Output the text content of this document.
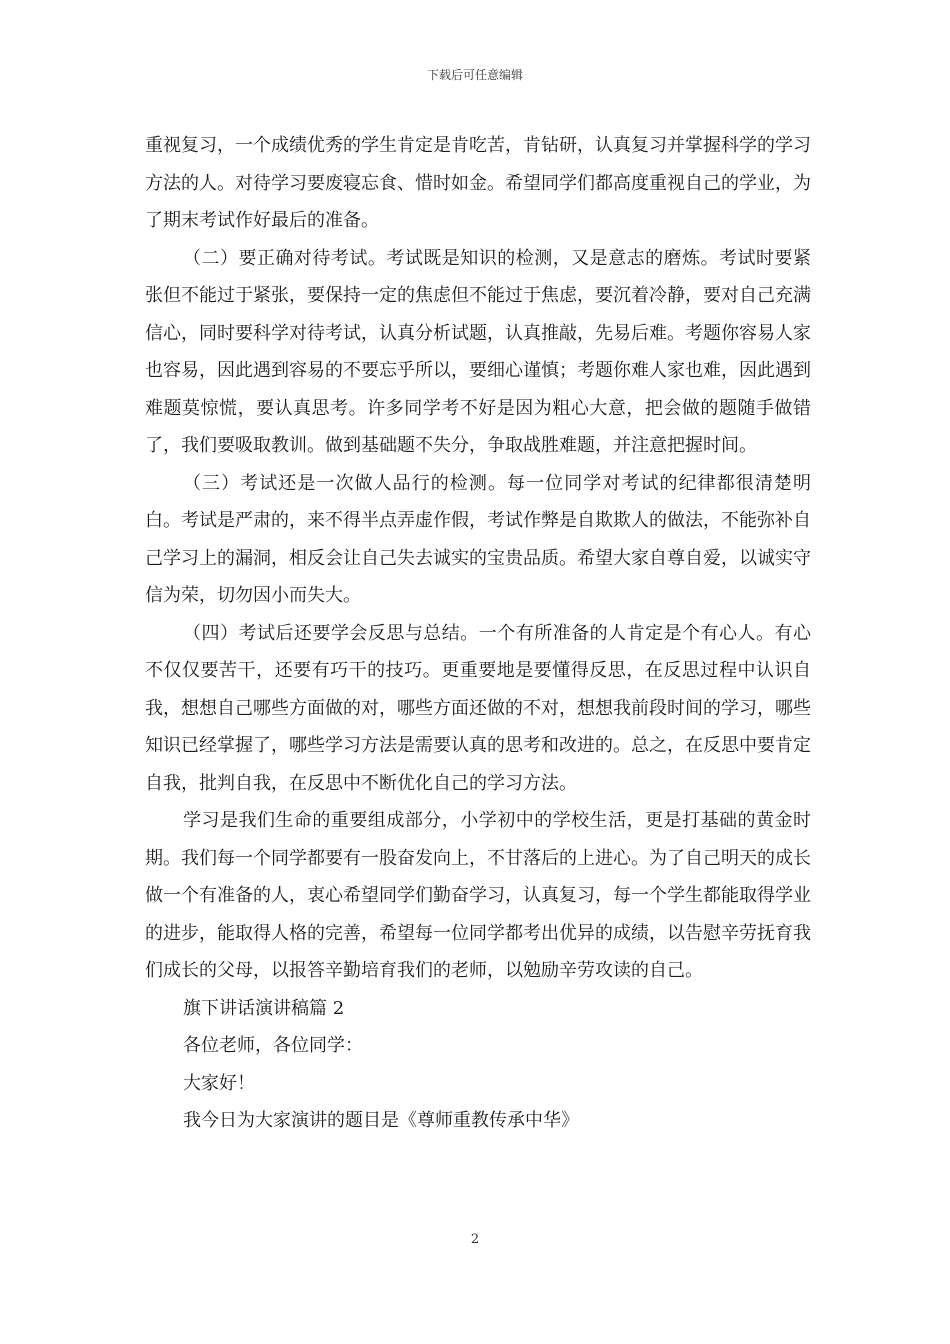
下载后可任意编辑

重视复习，一个成绩优秀的学生肯定是肯吃苦，肯钻研，认真复习并掌握科学的学习方法的人。对待学习要废寝忘食、惜时如金。希望同学们都高度重视自己的学业，为了期末考试作好最后的准备。

（二）要正确对待考试。考试既是知识的检测，又是意志的磨炼。考试时要紧张但不能过于紧张，要保持一定的焦虑但不能过于焦虑，要沉着冷静，要对自己充满信心，同时要科学对待考试，认真分析试题，认真推敲，先易后难。考题你容易人家也容易，因此遇到容易的不要忘乎所以，要细心谨慎；考题你难人家也难，因此遇到难题莫惊慌，要认真思考。许多同学考不好是因为粗心大意，把会做的题随手做错了，我们要吸取教训。做到基础题不失分，争取战胜难题，并注意把握时间。

（三）考试还是一次做人品行的检测。每一位同学对考试的纪律都很清楚明白。考试是严肃的，来不得半点弄虚作假，考试作弊是自欺欺人的做法，不能弥补自己学习上的漏洞，相反会让自己失去诚实的宝贵品质。希望大家自尊自爱，以诚实守信为荣，切勿因小而失大。

（四）考试后还要学会反思与总结。一个有所准备的人肯定是个有心人。有心不仅仅要苦干，还要有巧干的技巧。更重要地是要懂得反思，在反思过程中认识自我，想想自己哪些方面做的对，哪些方面还做的不对，想想我前段时间的学习，哪些知识已经掌握了，哪些学习方法是需要认真的思考和改进的。总之，在反思中要肯定自我，批判自我，在反思中不断优化自己的学习方法。

学习是我们生命的重要组成部分，小学初中的学校生活，更是打基础的黄金时期。我们每一个同学都要有一股奋发向上，不甘落后的上进心。为了自己明天的成长做一个有准备的人，衷心希望同学们勤奋学习，认真复习，每一个学生都能取得学业的进步，能取得人格的完善，希望每一位同学都考出优异的成绩，以告慰辛劳抚育我们成长的父母，以报答辛勤培育我们的老师，以勉励辛劳攻读的自己。

旗下讲话演讲稿篇 2

各位老师，各位同学：

大家好！

我今日为大家演讲的题目是《尊师重教传承中华》

2
